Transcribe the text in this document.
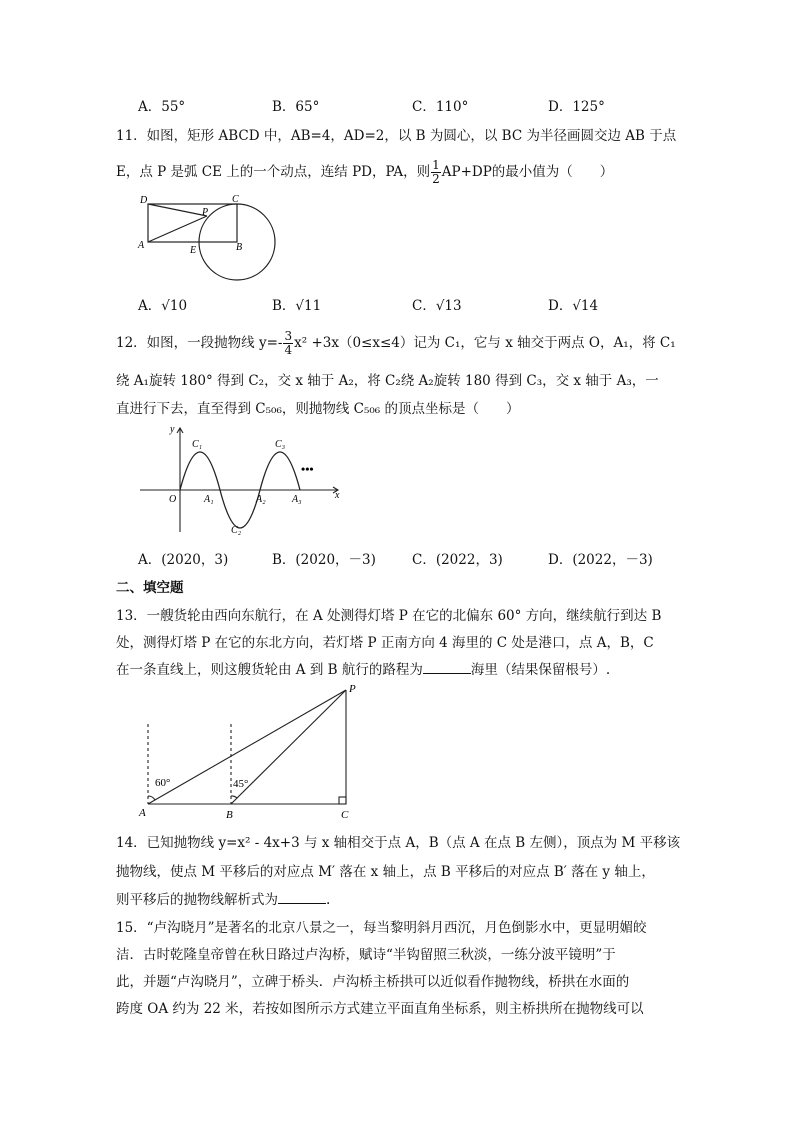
A．55°	B．65°	C．110°	D．125°
11．如图，矩形 ABCD 中，AB=4，AD=2，以 B 为圆心，以 BC 为半径画圆交边 AB 于点
E，点 P 是弧 CE 上的一个动点，连结 PD，PA，则 $\frac{1}{2} AP+DP$的最小值为（　　）
D	C
P
A	E	B
A．√10	B．√11	C．√13	D．√14
12．如图，一段抛物线 $y=- \frac{3}{4} x^2 +3x(0\le x\le 4)$记为 C₁，它与 x 轴交于两点 O，A₁，将 C₁
绕 A₁旋转 180° 得到 C₂，交 x 轴于 A₂，将 C₂绕 A₂旋转 180 得到 C₃，交 x 轴于 A₃，一
直进行下去，直至得到 C₅₀₆，则抛物线 C₅₀₆ 的顶点坐标是（　　）
y
C₁	C₃
O	A₁	A₂	A₃	x
C₂
•••
A．(2020，3)	B．(2020，－3)	C．(2022，3)	D．(2022，－3)
二、填空题
13．一艘货轮由西向东航行，在 A 处测得灯塔 P 在它的北偏东 60° 方向，继续航行到达 B
处，测得灯塔 P 在它的东北方向，若灯塔 P 正南方向 4 海里的 C 处是港口，点 A，B，C
在一条直线上，则这艘货轮由 A 到 B 航行的路程为	海里（结果保留根号）.
P
60°	45°
A	B	C
14．已知抛物线 y=x² - 4x+3 与 x 轴相交于点 A，B（点 A 在点 B 左侧），顶点为 M 平移该
抛物线，使点 M 平移后的对应点 M′ 落在 x 轴上，点 B 平移后的对应点 B′ 落在 y 轴上，
则平移后的抛物线解析式为	.
15．“卢沟晓月”是著名的北京八景之一，每当黎明斜月西沉，月色倒影水中，更显明媚皎
洁．古时乾隆皇帝曾在秋日路过卢沟桥，赋诗“半钩留照三秋淡，一练分波平镜明”于
此，并题“卢沟晓月”，立碑于桥头．卢沟桥主桥拱可以近似看作抛物线，桥拱在水面的
跨度 OA 约为 22 米，若按如图所示方式建立平面直角坐标系，则主桥拱所在抛物线可以
